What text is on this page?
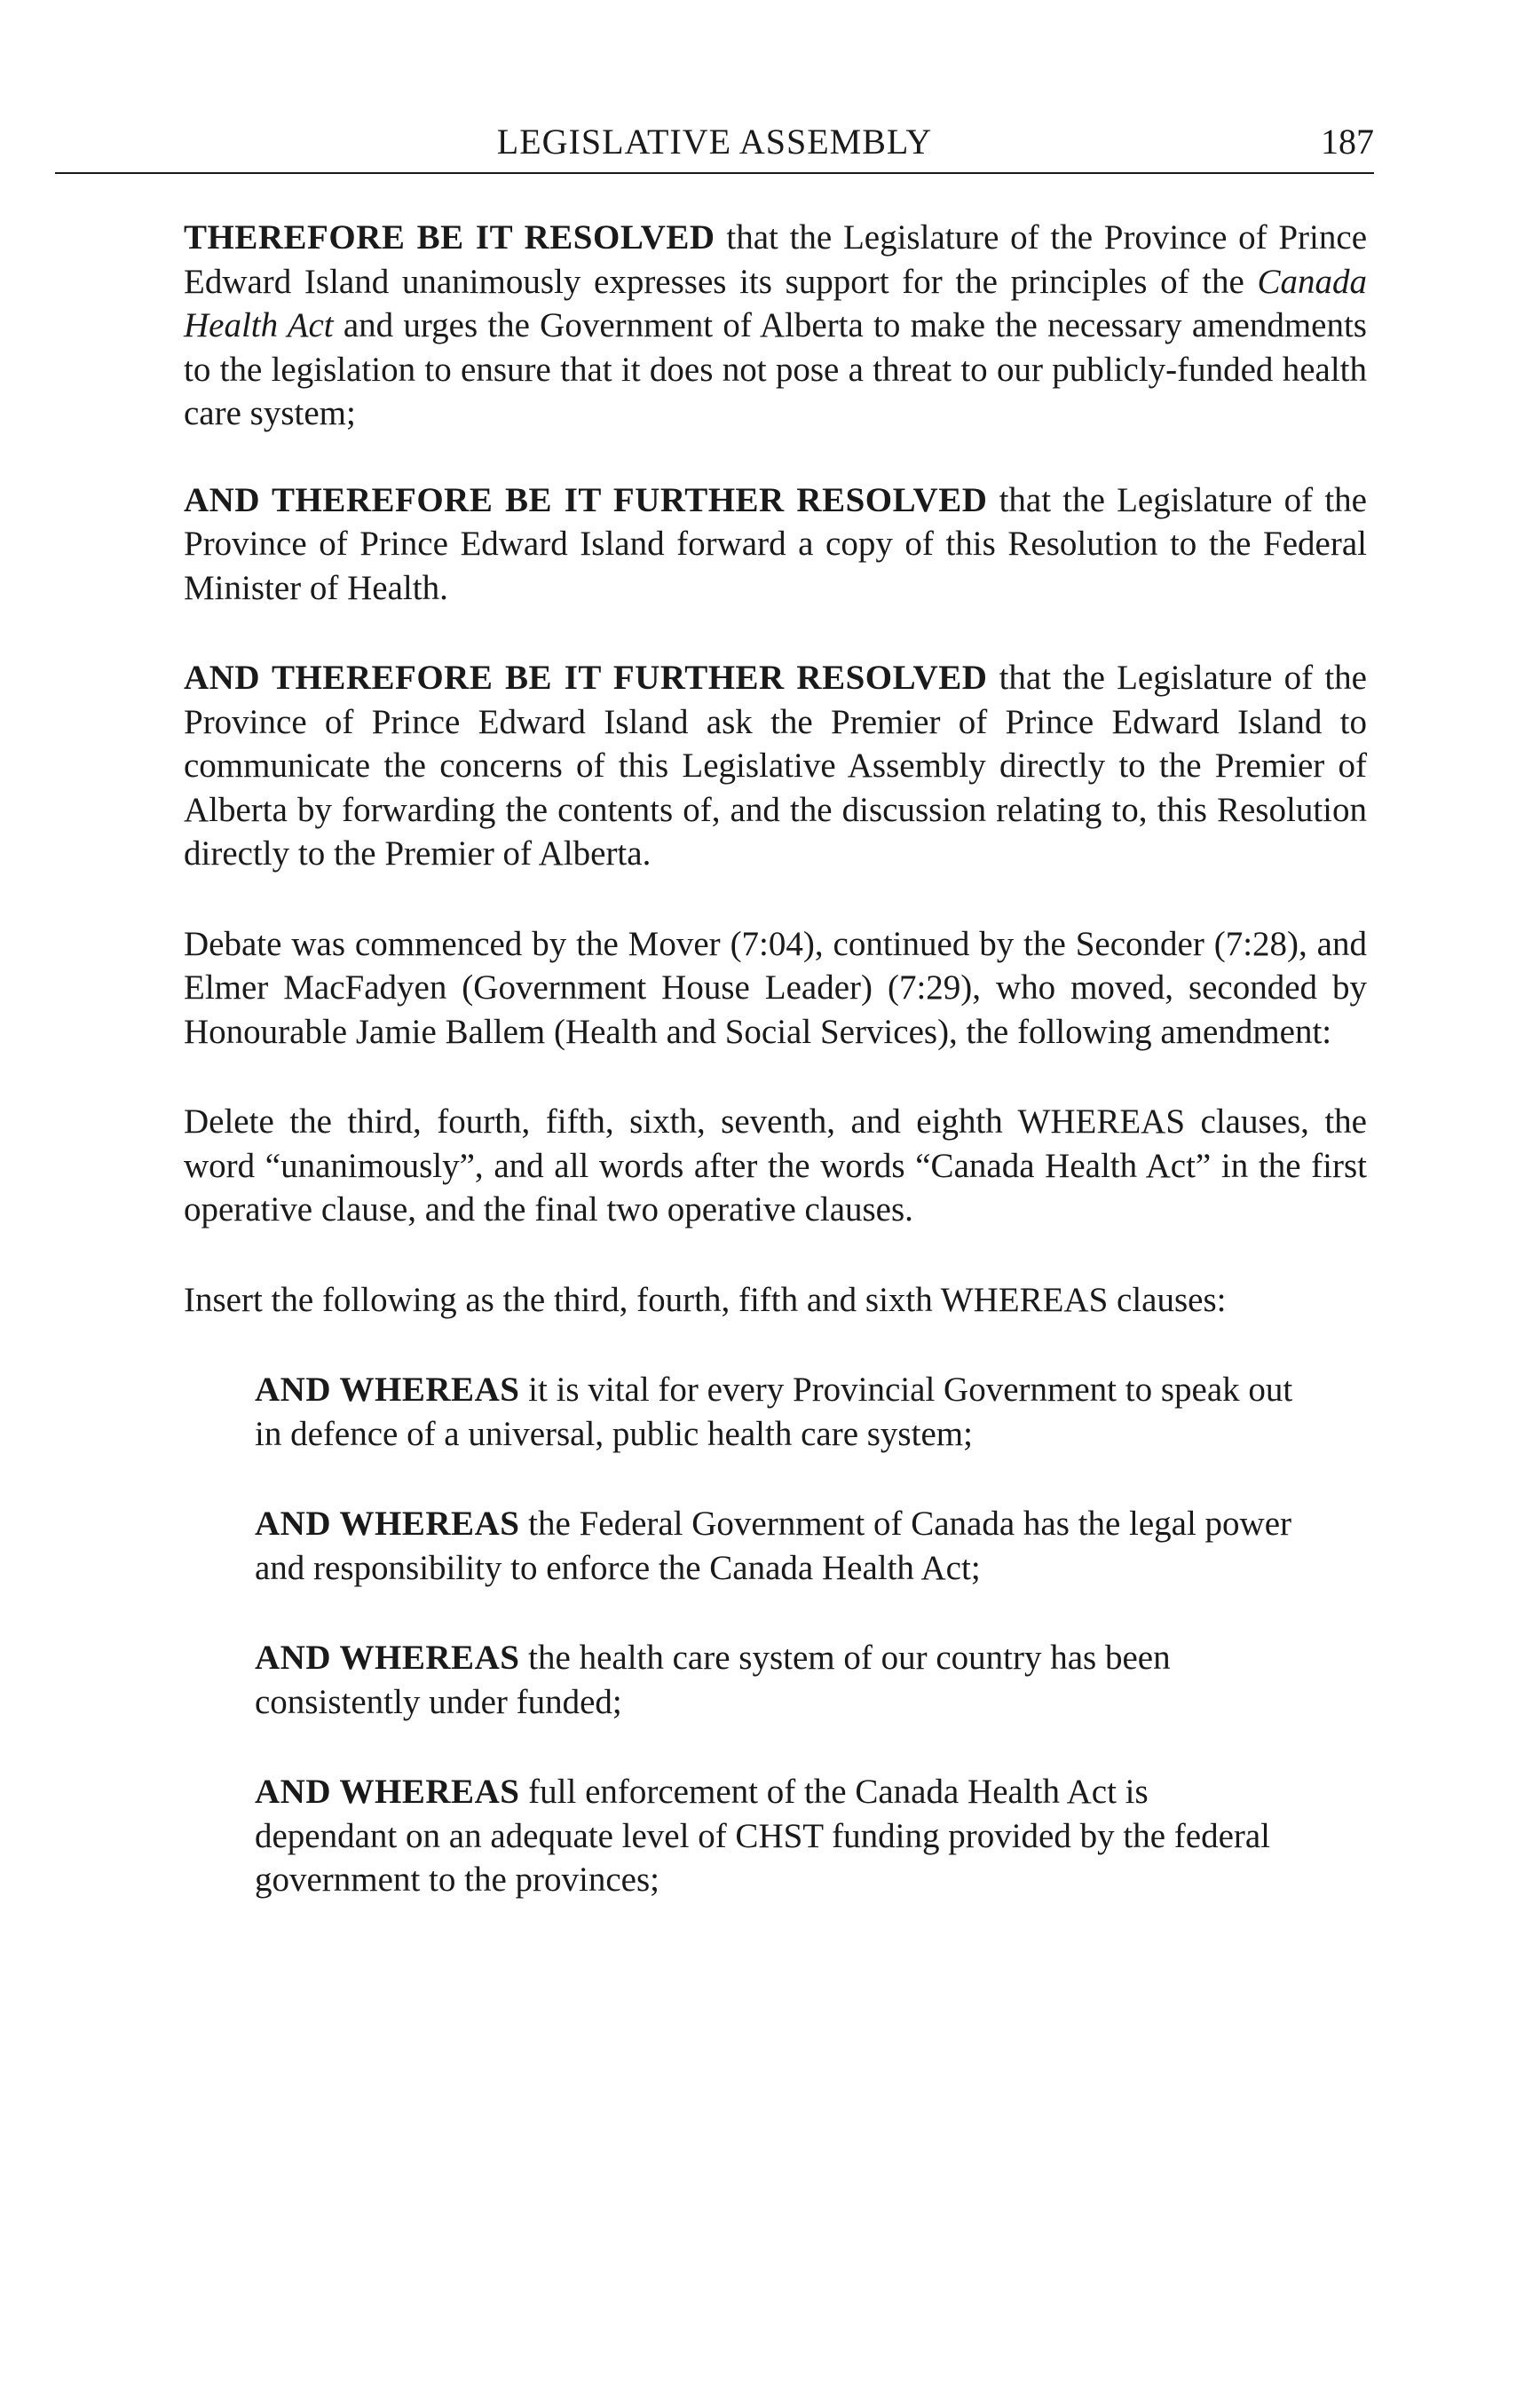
LEGISLATIVE ASSEMBLY	187

THEREFORE BE IT RESOLVED that the Legislature of the Province of Prince Edward Island unanimously expresses its support for the principles of the Canada Health Act and urges the Government of Alberta to make the necessary amendments to the legislation to ensure that it does not pose a threat to our publicly-funded health care system;

AND THEREFORE BE IT FURTHER RESOLVED that the Legislature of the Province of Prince Edward Island forward a copy of this Resolution to the Federal Minister of Health.

AND THEREFORE BE IT FURTHER RESOLVED that the Legislature of the Province of Prince Edward Island ask the Premier of Prince Edward Island to communicate the concerns of this Legislative Assembly directly to the Premier of Alberta by forwarding the contents of, and the discussion relating to, this Resolution directly to the Premier of Alberta.

Debate was commenced by the Mover (7:04), continued by the Seconder (7:28), and Elmer MacFadyen (Government House Leader) (7:29), who moved, seconded by Honourable Jamie Ballem (Health and Social Services), the following amendment:

Delete the third, fourth, fifth, sixth, seventh, and eighth WHEREAS clauses, the word “unanimously”, and all words after the words “Canada Health Act” in the first operative clause, and the final two operative clauses.

Insert the following as the third, fourth, fifth and sixth WHEREAS clauses:

AND WHEREAS it is vital for every Provincial Government to speak out in defence of a universal, public health care system;

AND WHEREAS the Federal Government of Canada has the legal power and responsibility to enforce the Canada Health Act;

AND WHEREAS the health care system of our country has been consistently under funded;

AND WHEREAS full enforcement of the Canada Health Act is dependant on an adequate level of CHST funding provided by the federal government to the provinces;
